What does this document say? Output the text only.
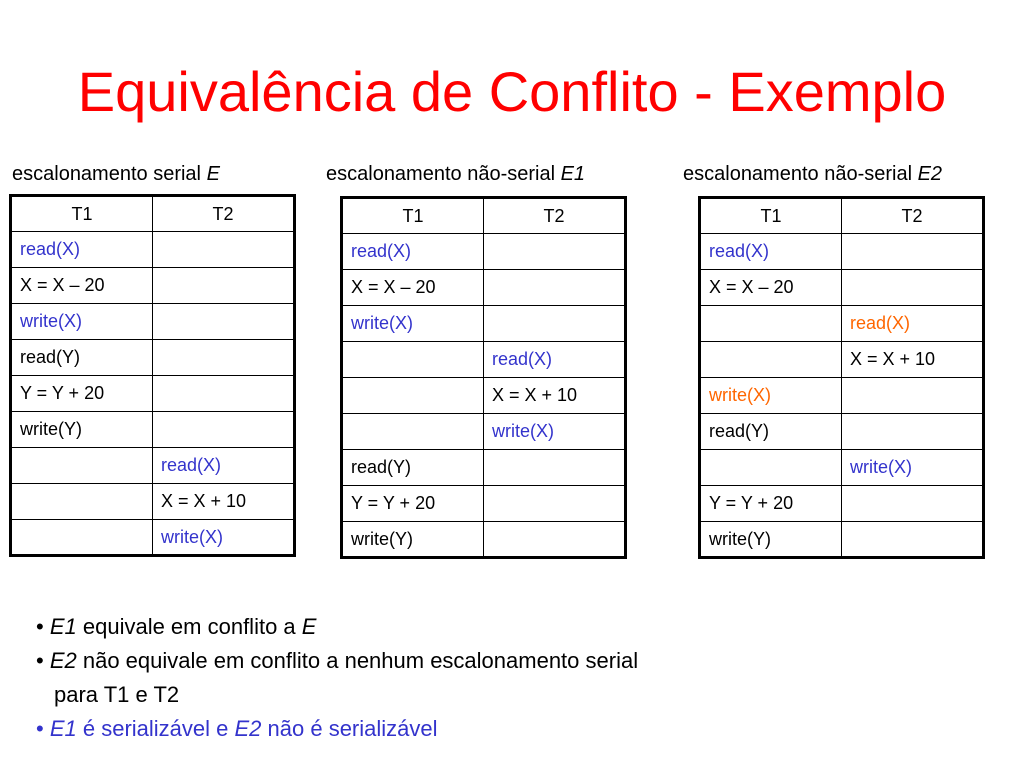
Equivalência de Conflito - Exemplo
escalonamento serial E	escalonamento não-serial E1	escalonamento não-serial E2
T1	T2
read(X)	
X = X – 20	
write(X)	
read(Y)	
Y = Y + 20	
write(Y)	
	read(X)
	X = X + 10
	write(X)
T1	T2
read(X)	
X = X – 20	
write(X)	
	read(X)
	X = X + 10
	write(X)
read(Y)	
Y = Y + 20	
write(Y)	
T1	T2
read(X)	
X = X – 20	
	read(X)
	X = X + 10
write(X)	
read(Y)	
	write(X)
Y = Y + 20	
write(Y)	
• E1 equivale em conflito a E
• E2 não equivale em conflito a nenhum escalonamento serial
para T1 e T2
• E1 é serializável e E2 não é serializável
